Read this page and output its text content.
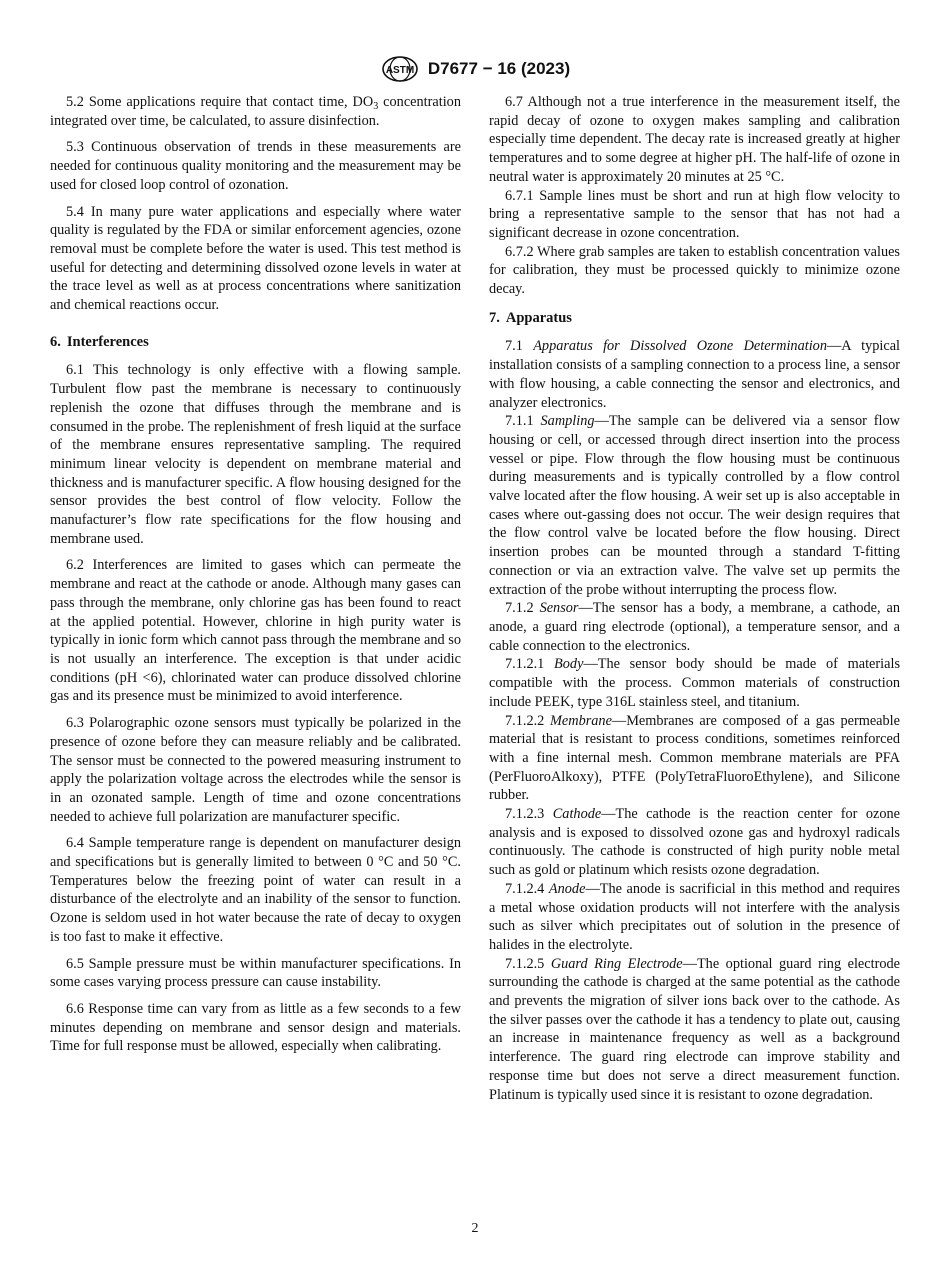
ASTM D7677 − 16 (2023)

5.2 Some applications require that contact time, $DO_3$ concentration integrated over time, be calculated, to assure disinfection.

5.3 Continuous observation of trends in these measurements are needed for continuous quality monitoring and the measurement may be used for closed loop control of ozonation.

5.4 In many pure water applications and especially where water quality is regulated by the FDA or similar enforcement agencies, ozone removal must be complete before the water is used. This test method is useful for detecting and determining dissolved ozone levels in water at the trace level as well as at process concentrations where sanitization and chemical reactions occur.

6. Interferences

6.1 This technology is only effective with a flowing sample. Turbulent flow past the membrane is necessary to continuously replenish the ozone that diffuses through the membrane and is consumed in the probe. The replenishment of fresh liquid at the surface of the membrane ensures representative sampling. The required minimum linear velocity is dependent on membrane material and thickness and is manufacturer specific. A flow housing designed for the sensor provides the best control of flow velocity. Follow the manufacturer’s flow rate specifications for the flow housing and membrane used.

6.2 Interferences are limited to gases which can permeate the membrane and react at the cathode or anode. Although many gases can pass through the membrane, only chlorine gas has been found to react at the applied potential. However, chlorine in high purity water is typically in ionic form which cannot pass through the membrane and so is not usually an interference. The exception is that under acidic conditions (pH <6), chlorinated water can produce dissolved chlorine gas and its presence must be minimized to avoid interference.

6.3 Polarographic ozone sensors must typically be polarized in the presence of ozone before they can measure reliably and be calibrated. The sensor must be connected to the powered measuring instrument to apply the polarization voltage across the electrodes while the sensor is in an ozonated sample. Length of time and ozone concentrations needed to achieve full polarization are manufacturer specific.

6.4 Sample temperature range is dependent on manufacturer design and specifications but is generally limited to between 0 °C and 50 °C. Temperatures below the freezing point of water can result in a disturbance of the electrolyte and an inability of the sensor to function. Ozone is seldom used in hot water because the rate of decay to oxygen is too fast to make it effective.

6.5 Sample pressure must be within manufacturer specifications. In some cases varying process pressure can cause instability.

6.6 Response time can vary from as little as a few seconds to a few minutes depending on membrane and sensor design and materials. Time for full response must be allowed, especially when calibrating.

6.7 Although not a true interference in the measurement itself, the rapid decay of ozone to oxygen makes sampling and calibration especially time dependent. The decay rate is increased greatly at higher temperatures and to some degree at higher pH. The half-life of ozone in neutral water is approximately 20 minutes at 25 °C.

6.7.1 Sample lines must be short and run at high flow velocity to bring a representative sample to the sensor that has not had a significant decrease in ozone concentration.

6.7.2 Where grab samples are taken to establish concentration values for calibration, they must be processed quickly to minimize ozone decay.

7. Apparatus

7.1 Apparatus for Dissolved Ozone Determination—A typical installation consists of a sampling connection to a process line, a sensor with flow housing, a cable connecting the sensor and electronics, and analyzer electronics.

7.1.1 Sampling—The sample can be delivered via a sensor flow housing or cell, or accessed through direct insertion into the process vessel or pipe. Flow through the flow housing must be continuous during measurements and is typically controlled by a flow control valve located after the flow housing. A weir set up is also acceptable in cases where out-gassing does not occur. The weir design requires that the flow control valve be located before the flow housing. Direct insertion probes can be mounted through a standard T-fitting connection or via an extraction valve. The valve set up permits the extraction of the probe without interrupting the process flow.

7.1.2 Sensor—The sensor has a body, a membrane, a cathode, an anode, a guard ring electrode (optional), a temperature sensor, and a cable connection to the electronics.

7.1.2.1 Body—The sensor body should be made of materials compatible with the process. Common materials of construction include PEEK, type 316L stainless steel, and titanium.

7.1.2.2 Membrane—Membranes are composed of a gas permeable material that is resistant to process conditions, sometimes reinforced with a fine internal mesh. Common membrane materials are PFA (PerFluoroAlkoxy), PTFE (PolyTetraFluoroEthylene), and Silicone rubber.

7.1.2.3 Cathode—The cathode is the reaction center for ozone analysis and is exposed to dissolved ozone gas and hydroxyl radicals continuously. The cathode is constructed of high purity noble metal such as gold or platinum which resists ozone degradation.

7.1.2.4 Anode—The anode is sacrificial in this method and requires a metal whose oxidation products will not interfere with the analysis such as silver which precipitates out of solution in the presence of halides in the electrolyte.

7.1.2.5 Guard Ring Electrode—The optional guard ring electrode surrounding the cathode is charged at the same potential as the cathode and prevents the migration of silver ions back over to the cathode. As the silver passes over the cathode it has a tendency to plate out, causing an increase in maintenance frequency as well as a background interference. The guard ring electrode can improve stability and response time but does not serve a direct measurement function. Platinum is typically used since it is resistant to ozone degradation.

2
